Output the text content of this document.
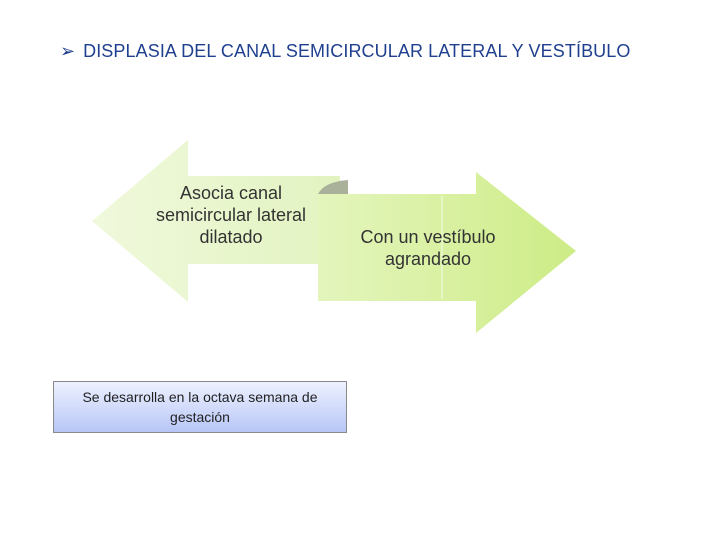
➢ DISPLASIA DEL CANAL SEMICIRCULAR LATERAL Y VESTÍBULO
Asocia canal semicircular lateral dilatado	Con un vestíbulo agrandado
Se desarrolla en la octava semana de gestación
